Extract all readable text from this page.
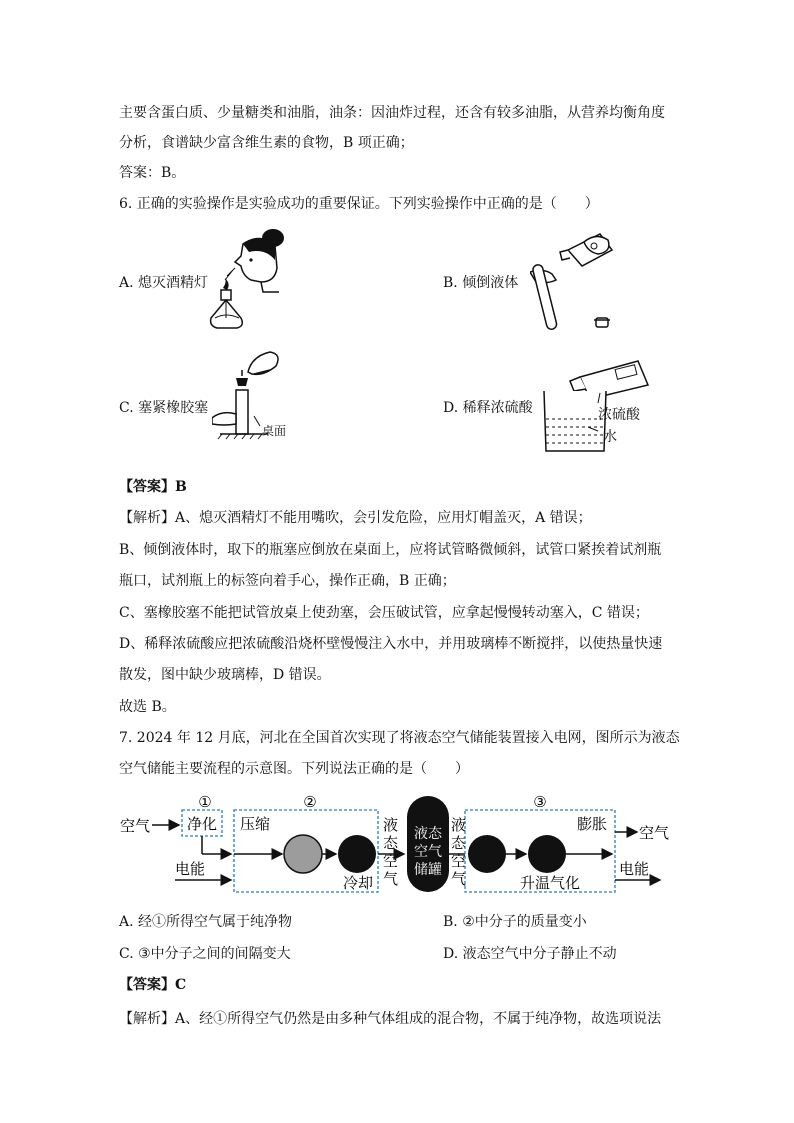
主要含蛋白质、少量糖类和油脂，油条：因油炸过程，还含有较多油脂，从营养均衡角度
分析，食谱缺少富含维生素的食物，B 项正确；
答案：B。
6. 正确的实验操作是实验成功的重要保证。下列实验操作中正确的是（　　）
A. 熄灭酒精灯	B. 倾倒液体
C. 塞紧橡胶塞
桌面
D. 稀释浓硫酸	浓硫酸
水
【答案】B
【解析】A、熄灭酒精灯不能用嘴吹，会引发危险，应用灯帽盖灭，A 错误；
B、倾倒液体时，取下的瓶塞应倒放在桌面上，应将试管略微倾斜，试管口紧挨着试剂瓶
瓶口，试剂瓶上的标签向着手心，操作正确，B 正确；
C、塞橡胶塞不能把试管放桌上使劲塞，会压破试管，应拿起慢慢转动塞入，C 错误；
D、稀释浓硫酸应把浓硫酸沿烧杯壁慢慢注入水中，并用玻璃棒不断搅拌，以使热量快速
散发，图中缺少玻璃棒，D 错误。
故选 B。
7. 2024 年 12 月底，河北在全国首次实现了将液态空气储能装置接入电网，图所示为液态
空气储能主要流程的示意图。下列说法正确的是（　　）
①	②	③
空气 净化
电能
压缩
冷却
液
态
空
气
液态
空气
储罐
液
态
空
气
膨胀
升温气化
空气
电能
A. 经①所得空气属于纯净物	B. ②中分子的质量变小
C. ③中分子之间的间隔变大	D. 液态空气中分子静止不动
【答案】C
【解析】A、经①所得空气仍然是由多种气体组成的混合物，不属于纯净物，故选项说法
